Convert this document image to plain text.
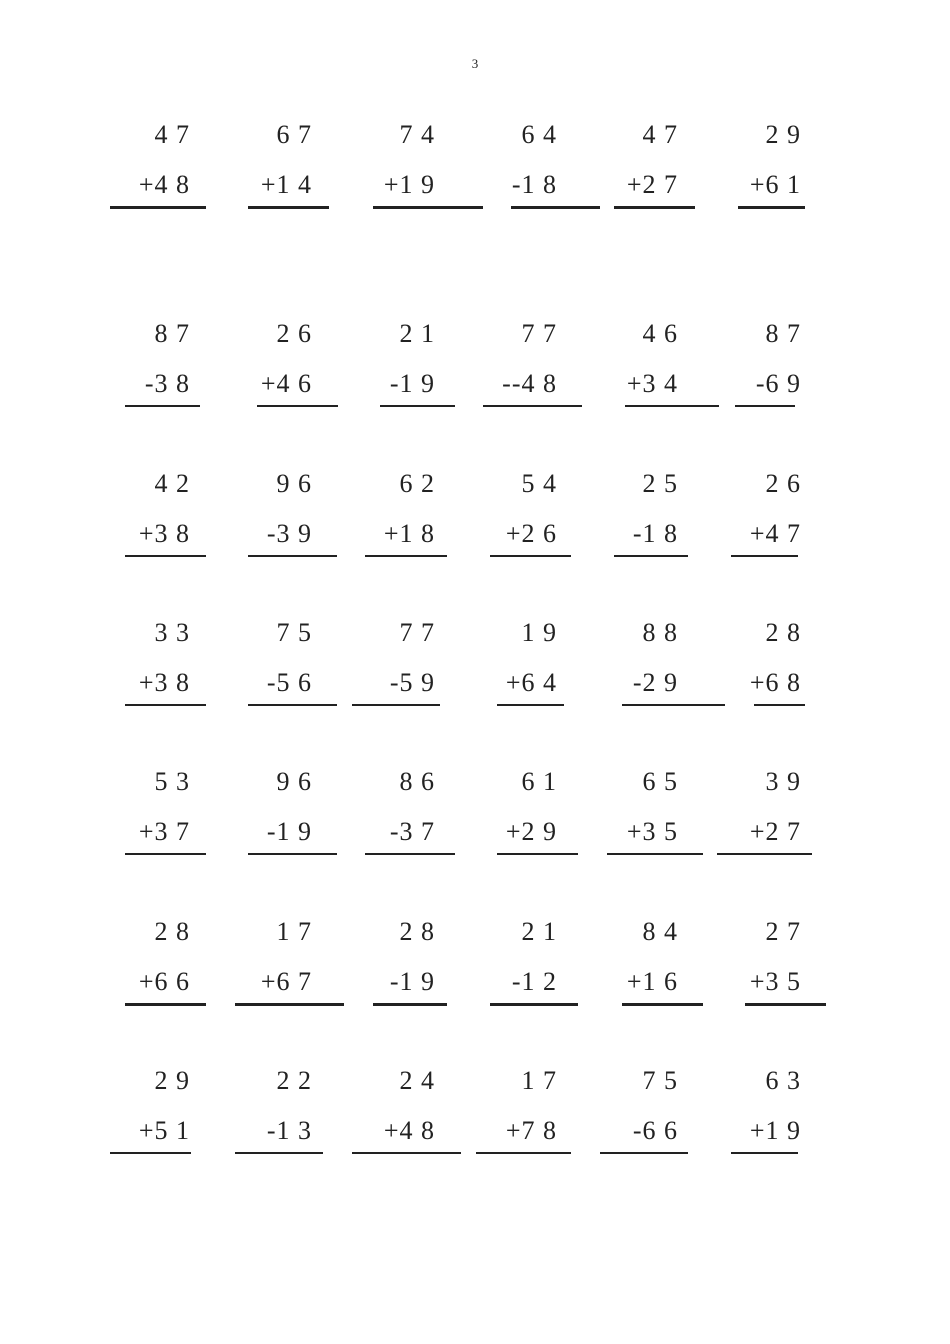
3
4 7
+4 8
6 7
+1 4
7 4
+1 9
6 4
-1 8
4 7
+2 7
2 9
+6 1
8 7
-3 8
2 6
+4 6
2 1
-1 9
7 7
--4 8
4 6
+3 4
8 7
-6 9
4 2
+3 8
9 6
-3 9
6 2
+1 8
5 4
+2 6
2 5
-1 8
2 6
+4 7
3 3
+3 8
7 5
-5 6
7 7
-5 9
1 9
+6 4
8 8
-2 9
2 8
+6 8
5 3
+3 7
9 6
-1 9
8 6
-3 7
6 1
+2 9
6 5
+3 5
3 9
+2 7
2 8
+6 6
1 7
+6 7
2 8
-1 9
2 1
-1 2
8 4
+1 6
2 7
+3 5
2 9
+5 1
2 2
-1 3
2 4
+4 8
1 7
+7 8
7 5
-6 6
6 3
+1 9
